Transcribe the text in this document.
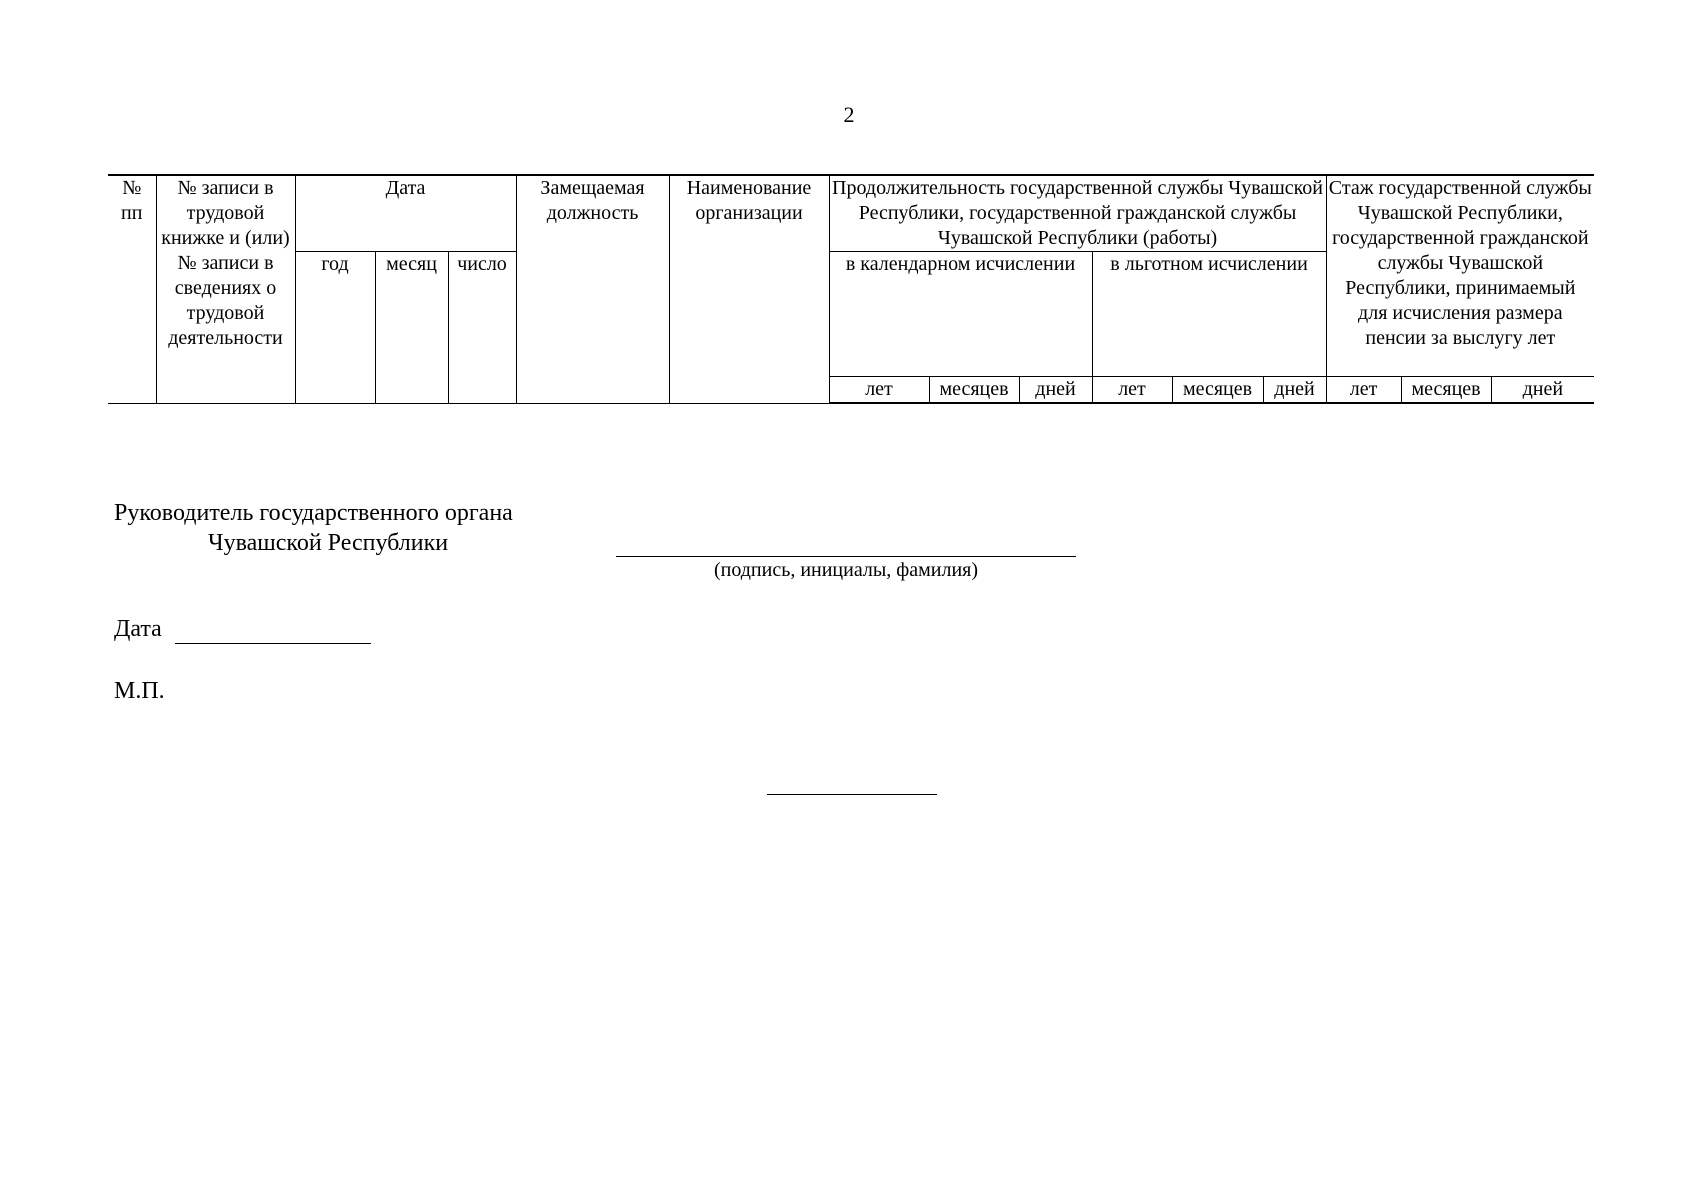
2
№ пп	№ записи в трудовой книжке и (или) № записи в сведениях о трудовой деятельности	Дата			Замещаемая должность	Наименование организации	Продолжительность государственной службы Чувашской Республики, государственной гражданской службы Чувашской Республики (работы)						Стаж государственной службы Чувашской Республики, государственной гражданской службы Чувашской Республики, принимаемый для исчисления размера пенсии за выслугу лет		
		год	месяц	число			в календарном исчислении			в льготном исчислении					
							лет	месяцев	дней	лет	месяцев	дней	лет	месяцев	дней
Руководитель государственного органа
Чувашской Республики
(подпись, инициалы, фамилия)
Дата
М.П.
